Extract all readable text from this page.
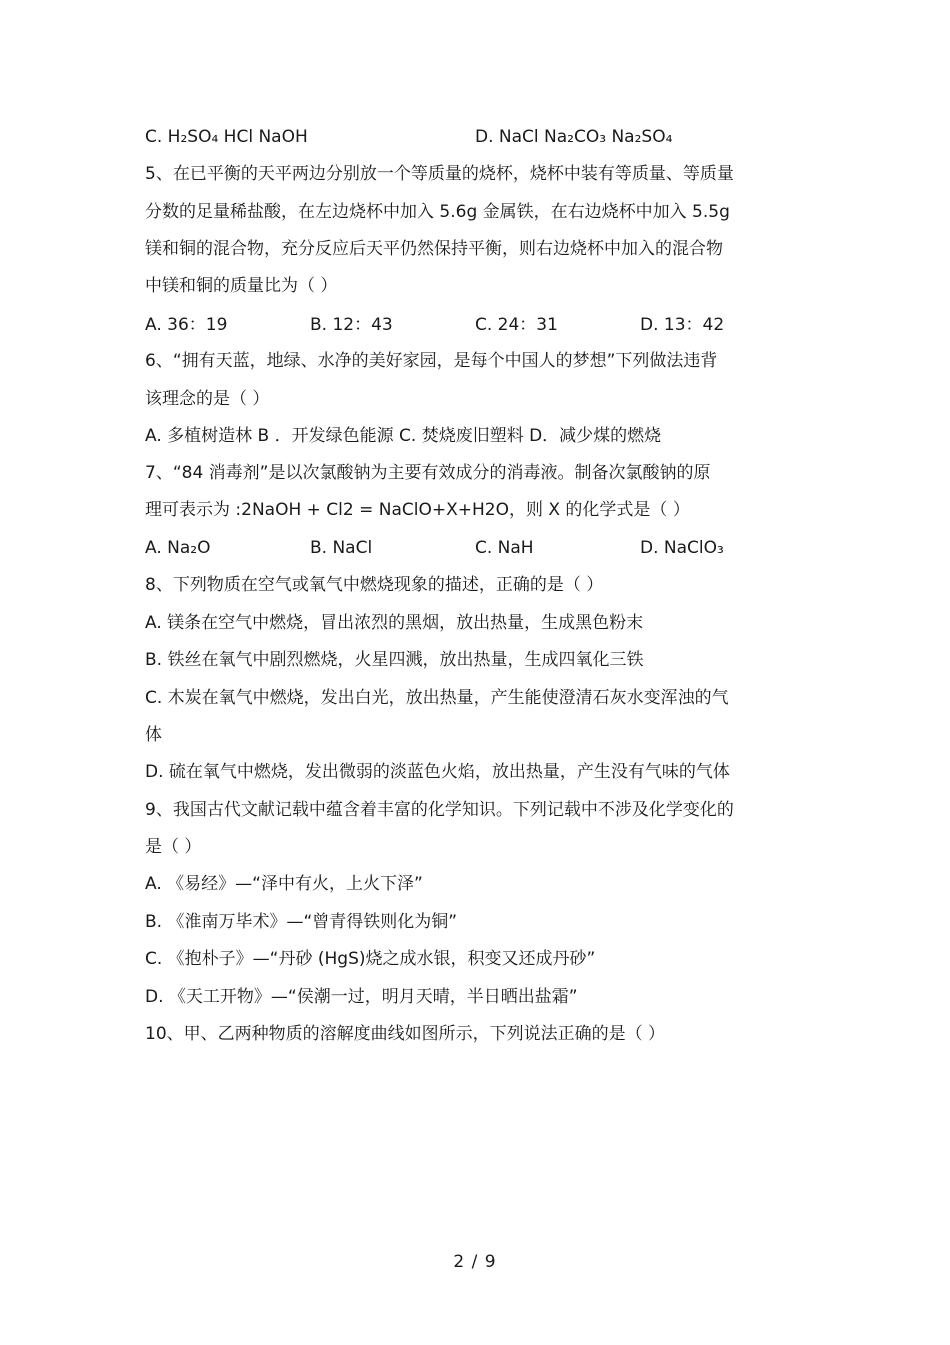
C. H₂SO₄ HCl NaOH	D. NaCl Na₂CO₃ Na₂SO₄
5、在已平衡的天平两边分别放一个等质量的烧杯，烧杯中装有等质量、等质量
分数的足量稀盐酸，在左边烧杯中加入 5.6g 金属铁，在右边烧杯中加入 5.5g
镁和铜的混合物，充分反应后天平仍然保持平衡，则右边烧杯中加入的混合物
中镁和铜的质量比为（ ）
A. 36：19	B. 12：43	C. 24：31	D. 13：42
6、“拥有天蓝，地绿、水净的美好家园，是每个中国人的梦想”下列做法违背
该理念的是（ ）
A. 多植树造林 B ．开发绿色能源 C. 焚烧废旧塑料 D．减少煤的燃烧
7、“84 消毒剂”是以次氯酸钠为主要有效成分的消毒液。制备次氯酸钠的原
理可表示为 :2NaOH + Cl2 = NaClO+X+H2O，则 X 的化学式是（ ）
A. Na₂O	B. NaCl	C. NaH	D. NaClO₃
8、下列物质在空气或氧气中燃烧现象的描述，正确的是（ ）
A. 镁条在空气中燃烧，冒出浓烈的黑烟，放出热量，生成黑色粉末
B. 铁丝在氧气中剧烈燃烧，火星四溅，放出热量，生成四氧化三铁
C. 木炭在氧气中燃烧，发出白光，放出热量，产生能使澄清石灰水变浑浊的气
体
D. 硫在氧气中燃烧，发出微弱的淡蓝色火焰，放出热量，产生没有气味的气体
9、我国古代文献记载中蕴含着丰富的化学知识。下列记载中不涉及化学变化的
是（ ）
A. 《易经》—“泽中有火，上火下泽”
B. 《淮南万毕术》—“曾青得铁则化为铜”
C. 《抱朴子》—“丹砂 (HgS)烧之成水银，积变又还成丹砂”
D. 《天工开物》—“侯潮一过，明月天晴，半日晒出盐霜”
10、甲、乙两种物质的溶解度曲线如图所示，下列说法正确的是（ ）
2 / 9
